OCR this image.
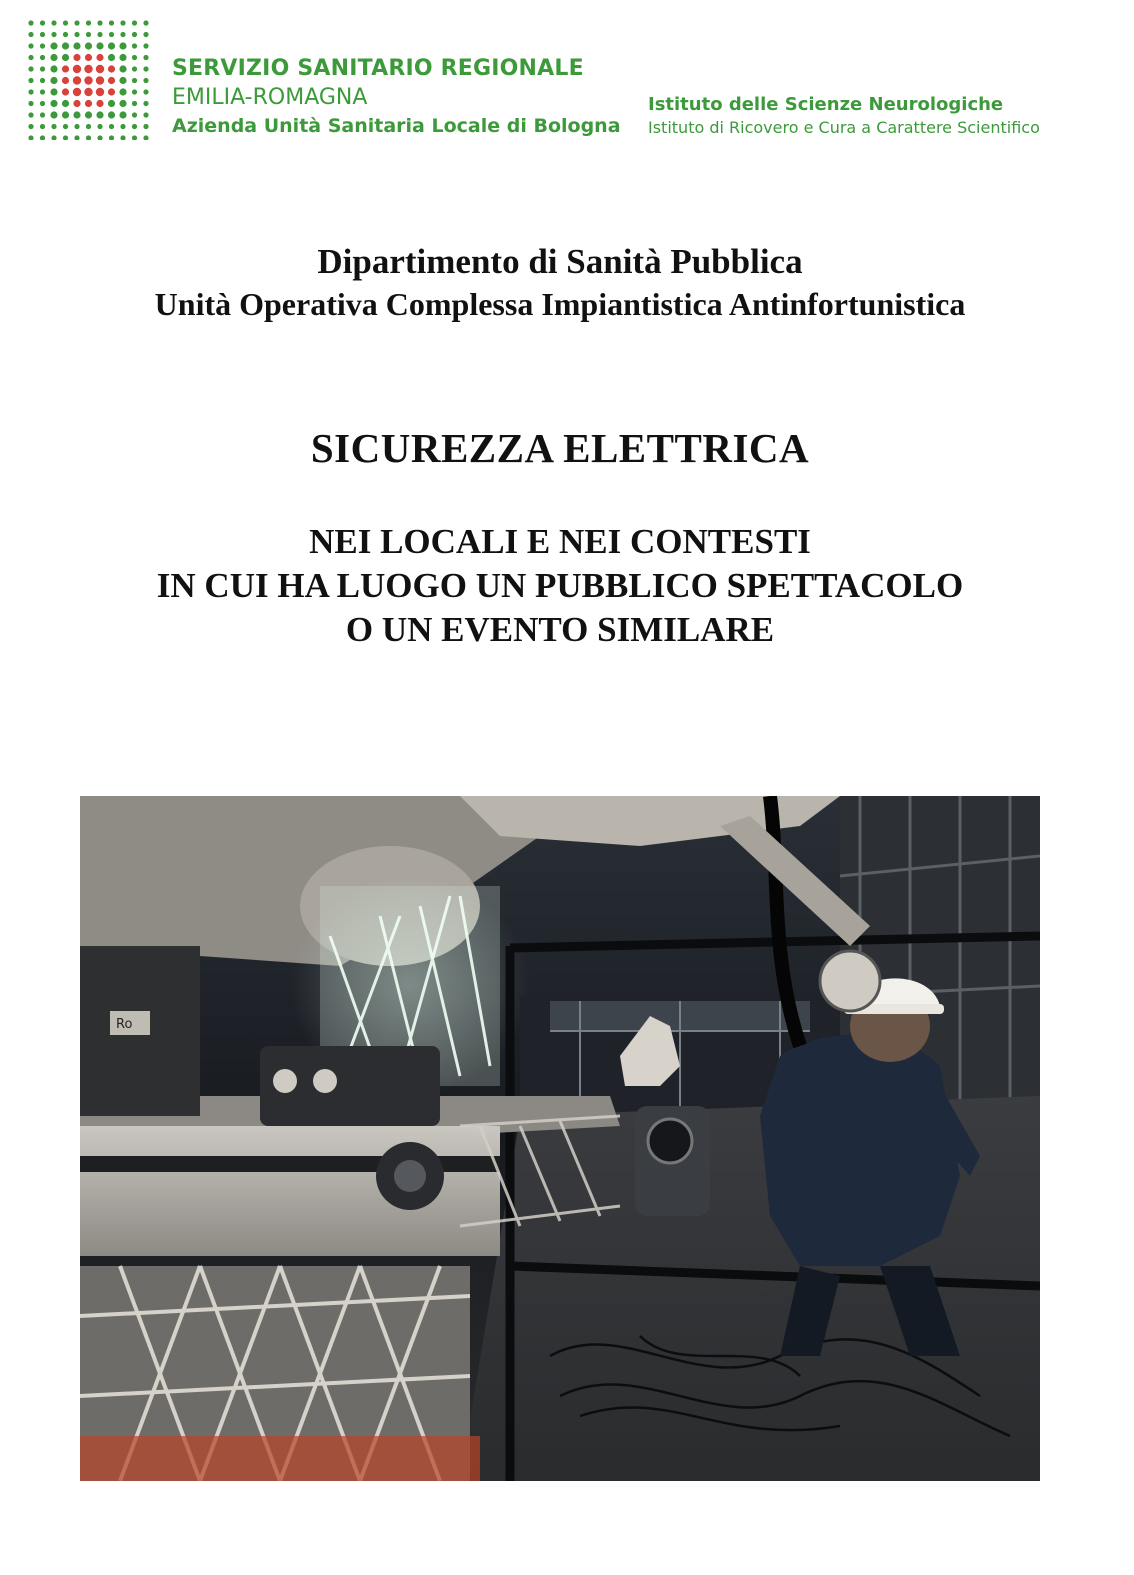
SERVIZIO SANITARIO REGIONALE
EMILIA-ROMAGNA
Azienda Unità Sanitaria Locale di Bologna
Istituto delle Scienze Neurologiche
Istituto di Ricovero e Cura a Carattere Scientifico
Dipartimento di Sanità Pubblica
Unità Operativa Complessa Impiantistica Antinfortunistica
SICUREZZA ELETTRICA
NEI LOCALI E NEI CONTESTI
IN CUI HA LUOGO UN PUBBLICO SPETTACOLO
O UN EVENTO SIMILARE
Ro
